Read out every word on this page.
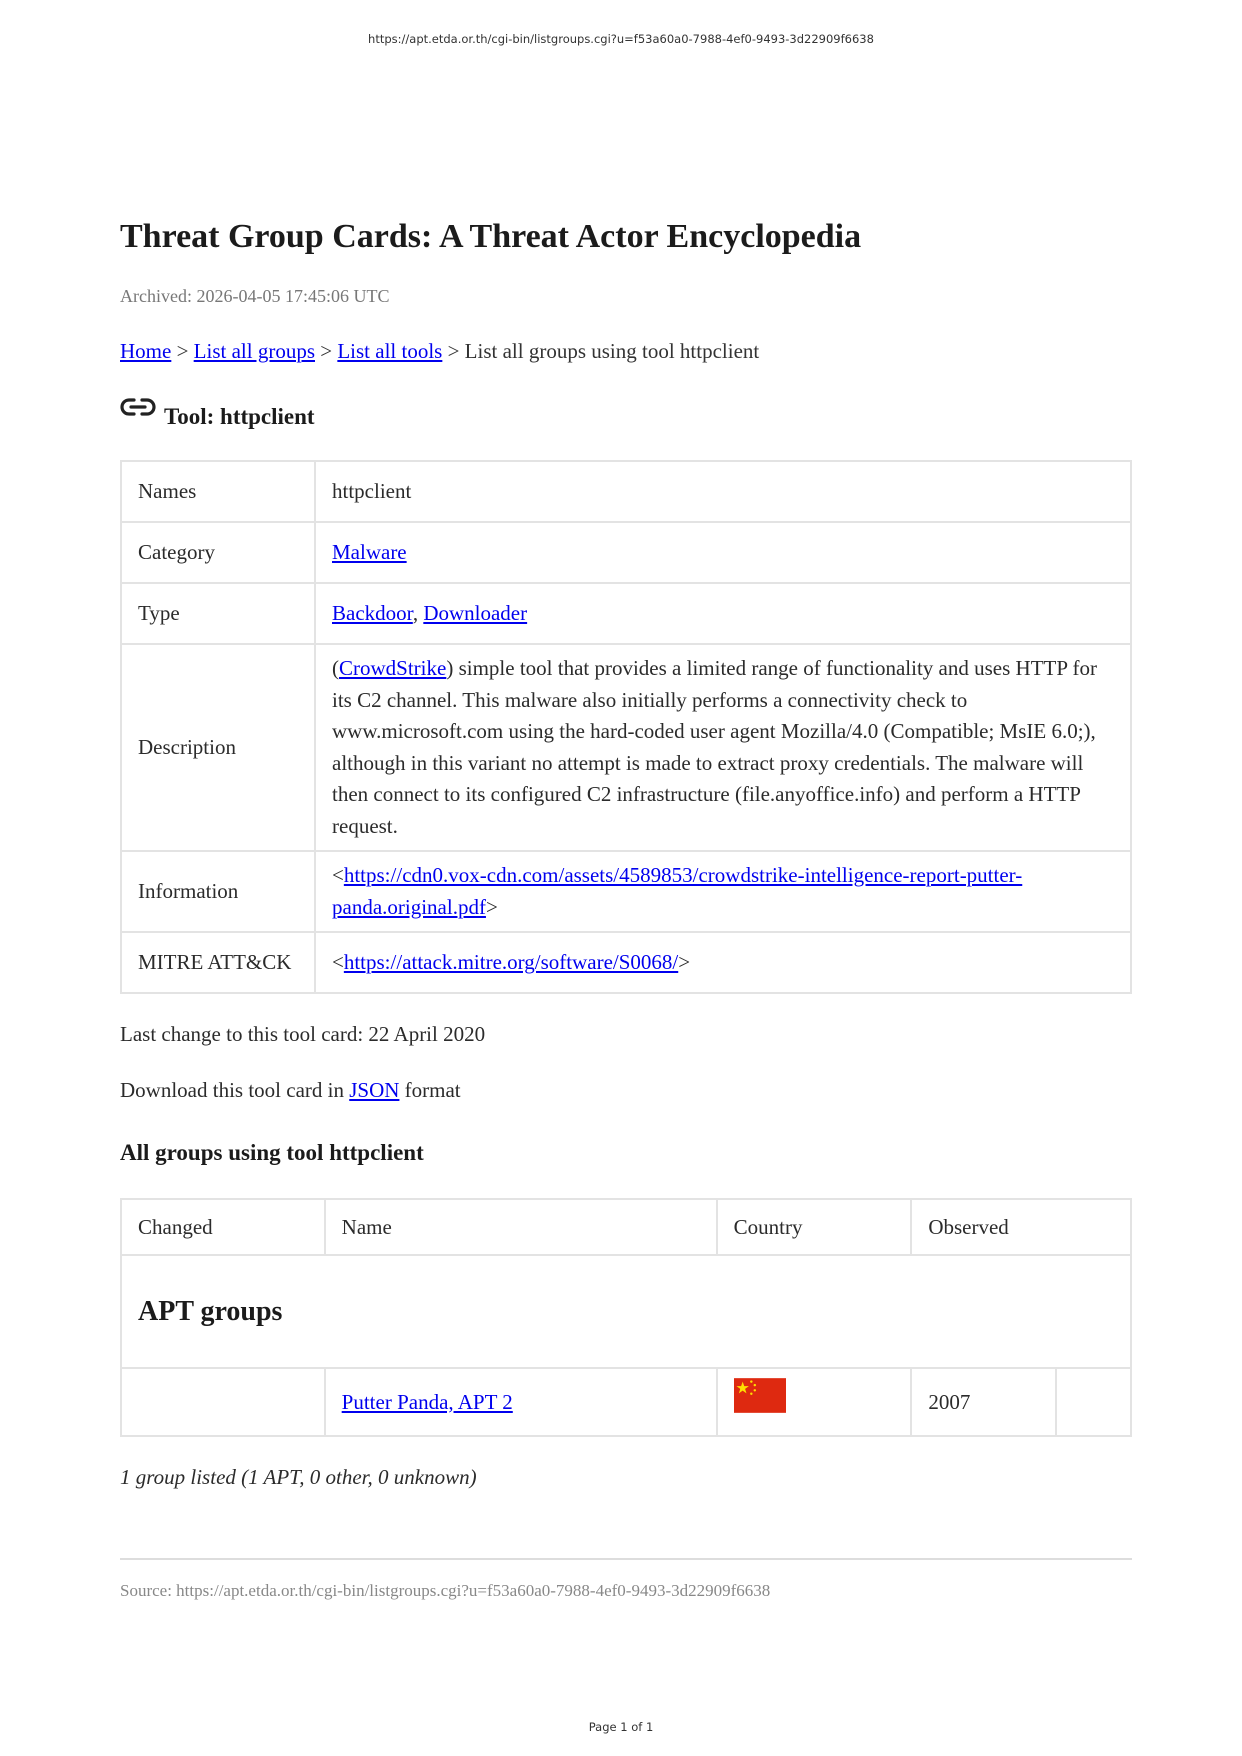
https://apt.etda.or.th/cgi-bin/listgroups.cgi?u=f53a60a0-7988-4ef0-9493-3d22909f6638
Threat Group Cards: A Threat Actor Encyclopedia
Archived: 2026-04-05 17:45:06 UTC
Home > List all groups > List all tools > List all groups using tool httpclient
Tool: httpclient
Names	httpclient
Category	Malware
Type	Backdoor, Downloader
Description	(CrowdStrike) simple tool that provides a limited range of functionality and uses HTTP for its C2 channel. This malware also initially performs a connectivity check to www.microsoft.com using the hard-coded user agent Mozilla/4.0 (Compatible; MsIE 6.0;), although in this variant no attempt is made to extract proxy credentials. The malware will then connect to its configured C2 infrastructure (file.anyoffice.info) and perform a HTTP request.
Information	<https://cdn0.vox-cdn.com/assets/4589853/crowdstrike-intelligence-report-putter-panda.original.pdf>
MITRE ATT&CK	<https://attack.mitre.org/software/S0068/>
Last change to this tool card: 22 April 2020
Download this tool card in JSON format
All groups using tool httpclient
Changed	Name	Country	Observed	
APT groups				
	Putter Panda, APT 2		2007	
1 group listed (1 APT, 0 other, 0 unknown)
Source: https://apt.etda.or.th/cgi-bin/listgroups.cgi?u=f53a60a0-7988-4ef0-9493-3d22909f6638
Page 1 of 1
